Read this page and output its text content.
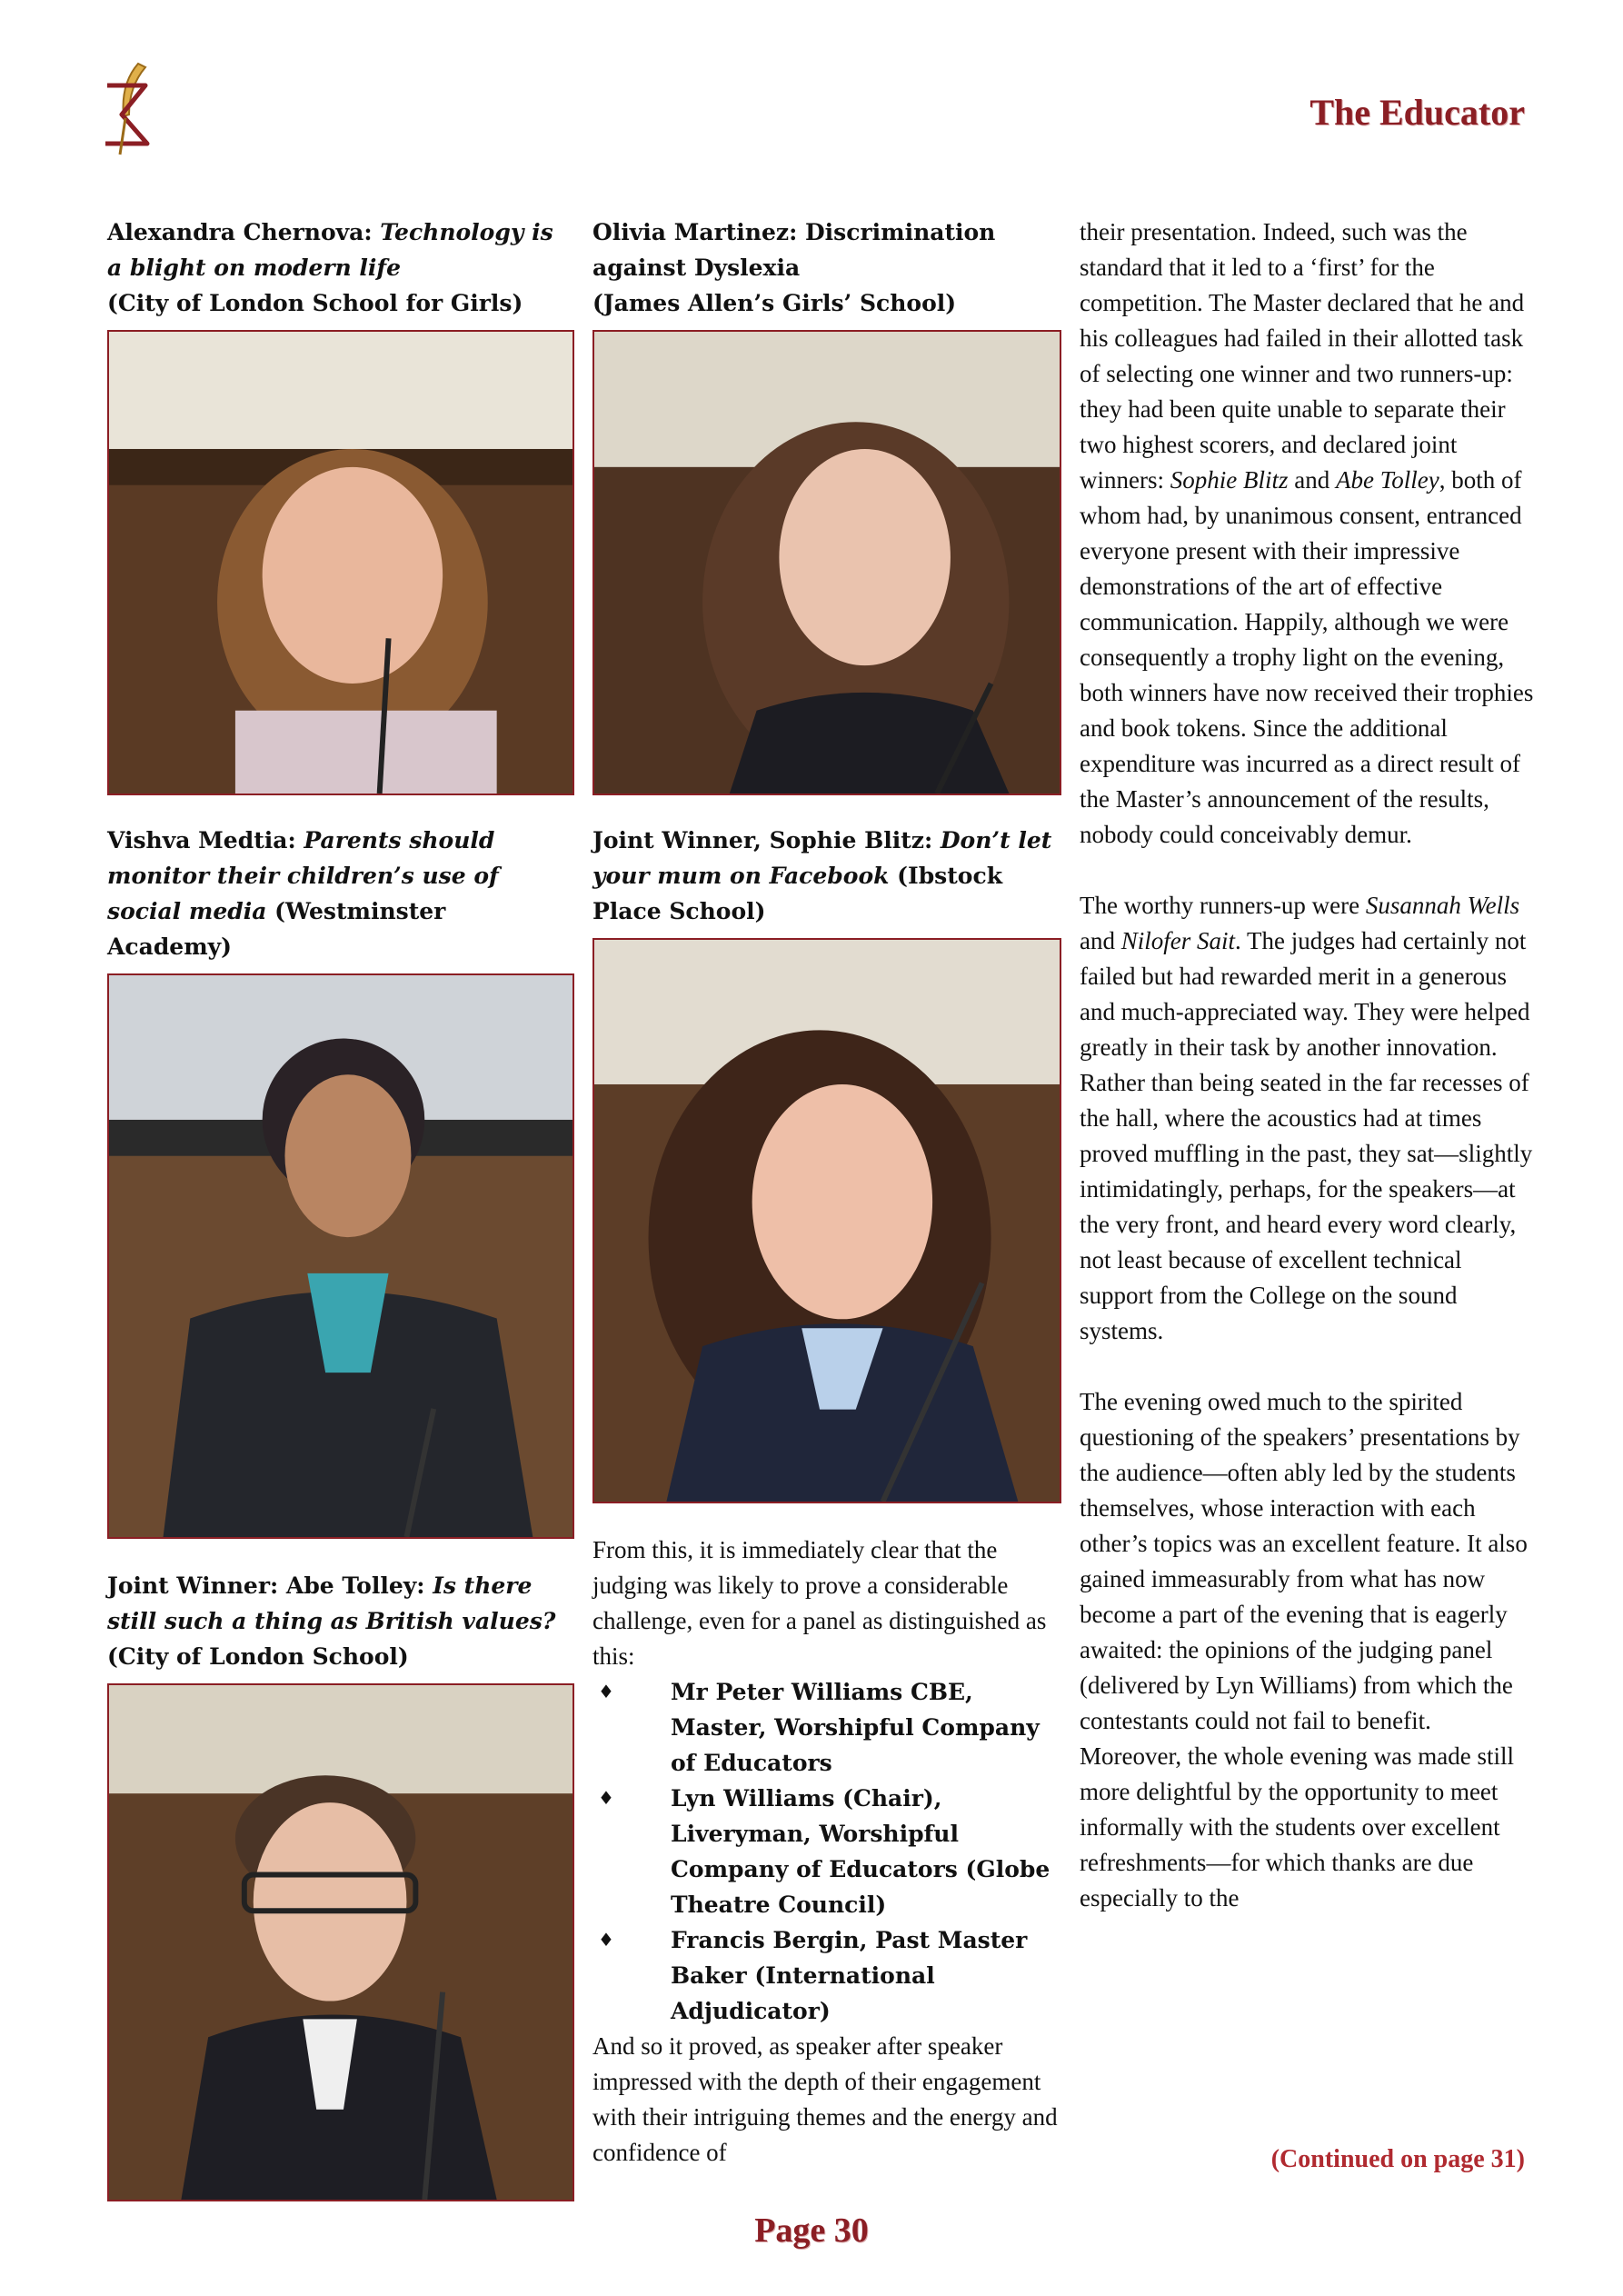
The Educator
Alexandra Chernova: Technology is a blight on modern life
(City of London School for Girls)
Vishva Medtia: Parents should monitor their children’s use of social media (Westminster Academy)
Joint Winner: Abe Tolley: Is there still such a thing as British values?
(City of London School)
Olivia Martinez: Discrimination against Dyslexia
(James Allen’s Girls’ School)
Joint Winner, Sophie Blitz: Don’t let your mum on Facebook (Ibstock Place School)

From this, it is immediately clear that the judging was likely to prove a considerable challenge, even for a panel as distinguished as this:

♦ Mr Peter Williams CBE, Master, Worshipful Company of Educators
♦ Lyn Williams (Chair), Liveryman, Worshipful Company of Educators (Globe Theatre Council)
♦ Francis Bergin, Past Master Baker (International Adjudicator)

And so it proved, as speaker after speaker impressed with the depth of their engagement with their intriguing themes and the energy and confidence of

their presentation. Indeed, such was the standard that it led to a ‘first’ for the competition. The Master declared that he and his colleagues had failed in their allotted task of selecting one winner and two runners-up: they had been quite unable to separate their two highest scorers, and declared joint winners: Sophie Blitz and Abe Tolley, both of whom had, by unanimous consent, entranced everyone present with their impressive demonstrations of the art of effective communication. Happily, although we were consequently a trophy light on the evening, both winners have now received their trophies and book tokens. Since the additional expenditure was incurred as a direct result of the Master’s announcement of the results, nobody could conceivably demur.

The worthy runners-up were Susannah Wells and Nilofer Sait. The judges had certainly not failed but had rewarded merit in a generous and much-appreciated way. They were helped greatly in their task by another innovation. Rather than being seated in the far recesses of the hall, where the acoustics had at times proved muffling in the past, they sat—slightly intimidatingly, perhaps, for the speakers—at the very front, and heard every word clearly, not least because of excellent technical support from the College on the sound systems.

The evening owed much to the spirited questioning of the speakers’ presentations by the audience—often ably led by the students themselves, whose interaction with each other’s topics was an excellent feature. It also gained immeasurably from what has now become a part of the evening that is eagerly awaited: the opinions of the judging panel (delivered by Lyn Williams) from which the contestants could not fail to benefit. Moreover, the whole evening was made still more delightful by the opportunity to meet informally with the students over excellent refreshments—for which thanks are due especially to the

(Continued on page 31)
Page 30
